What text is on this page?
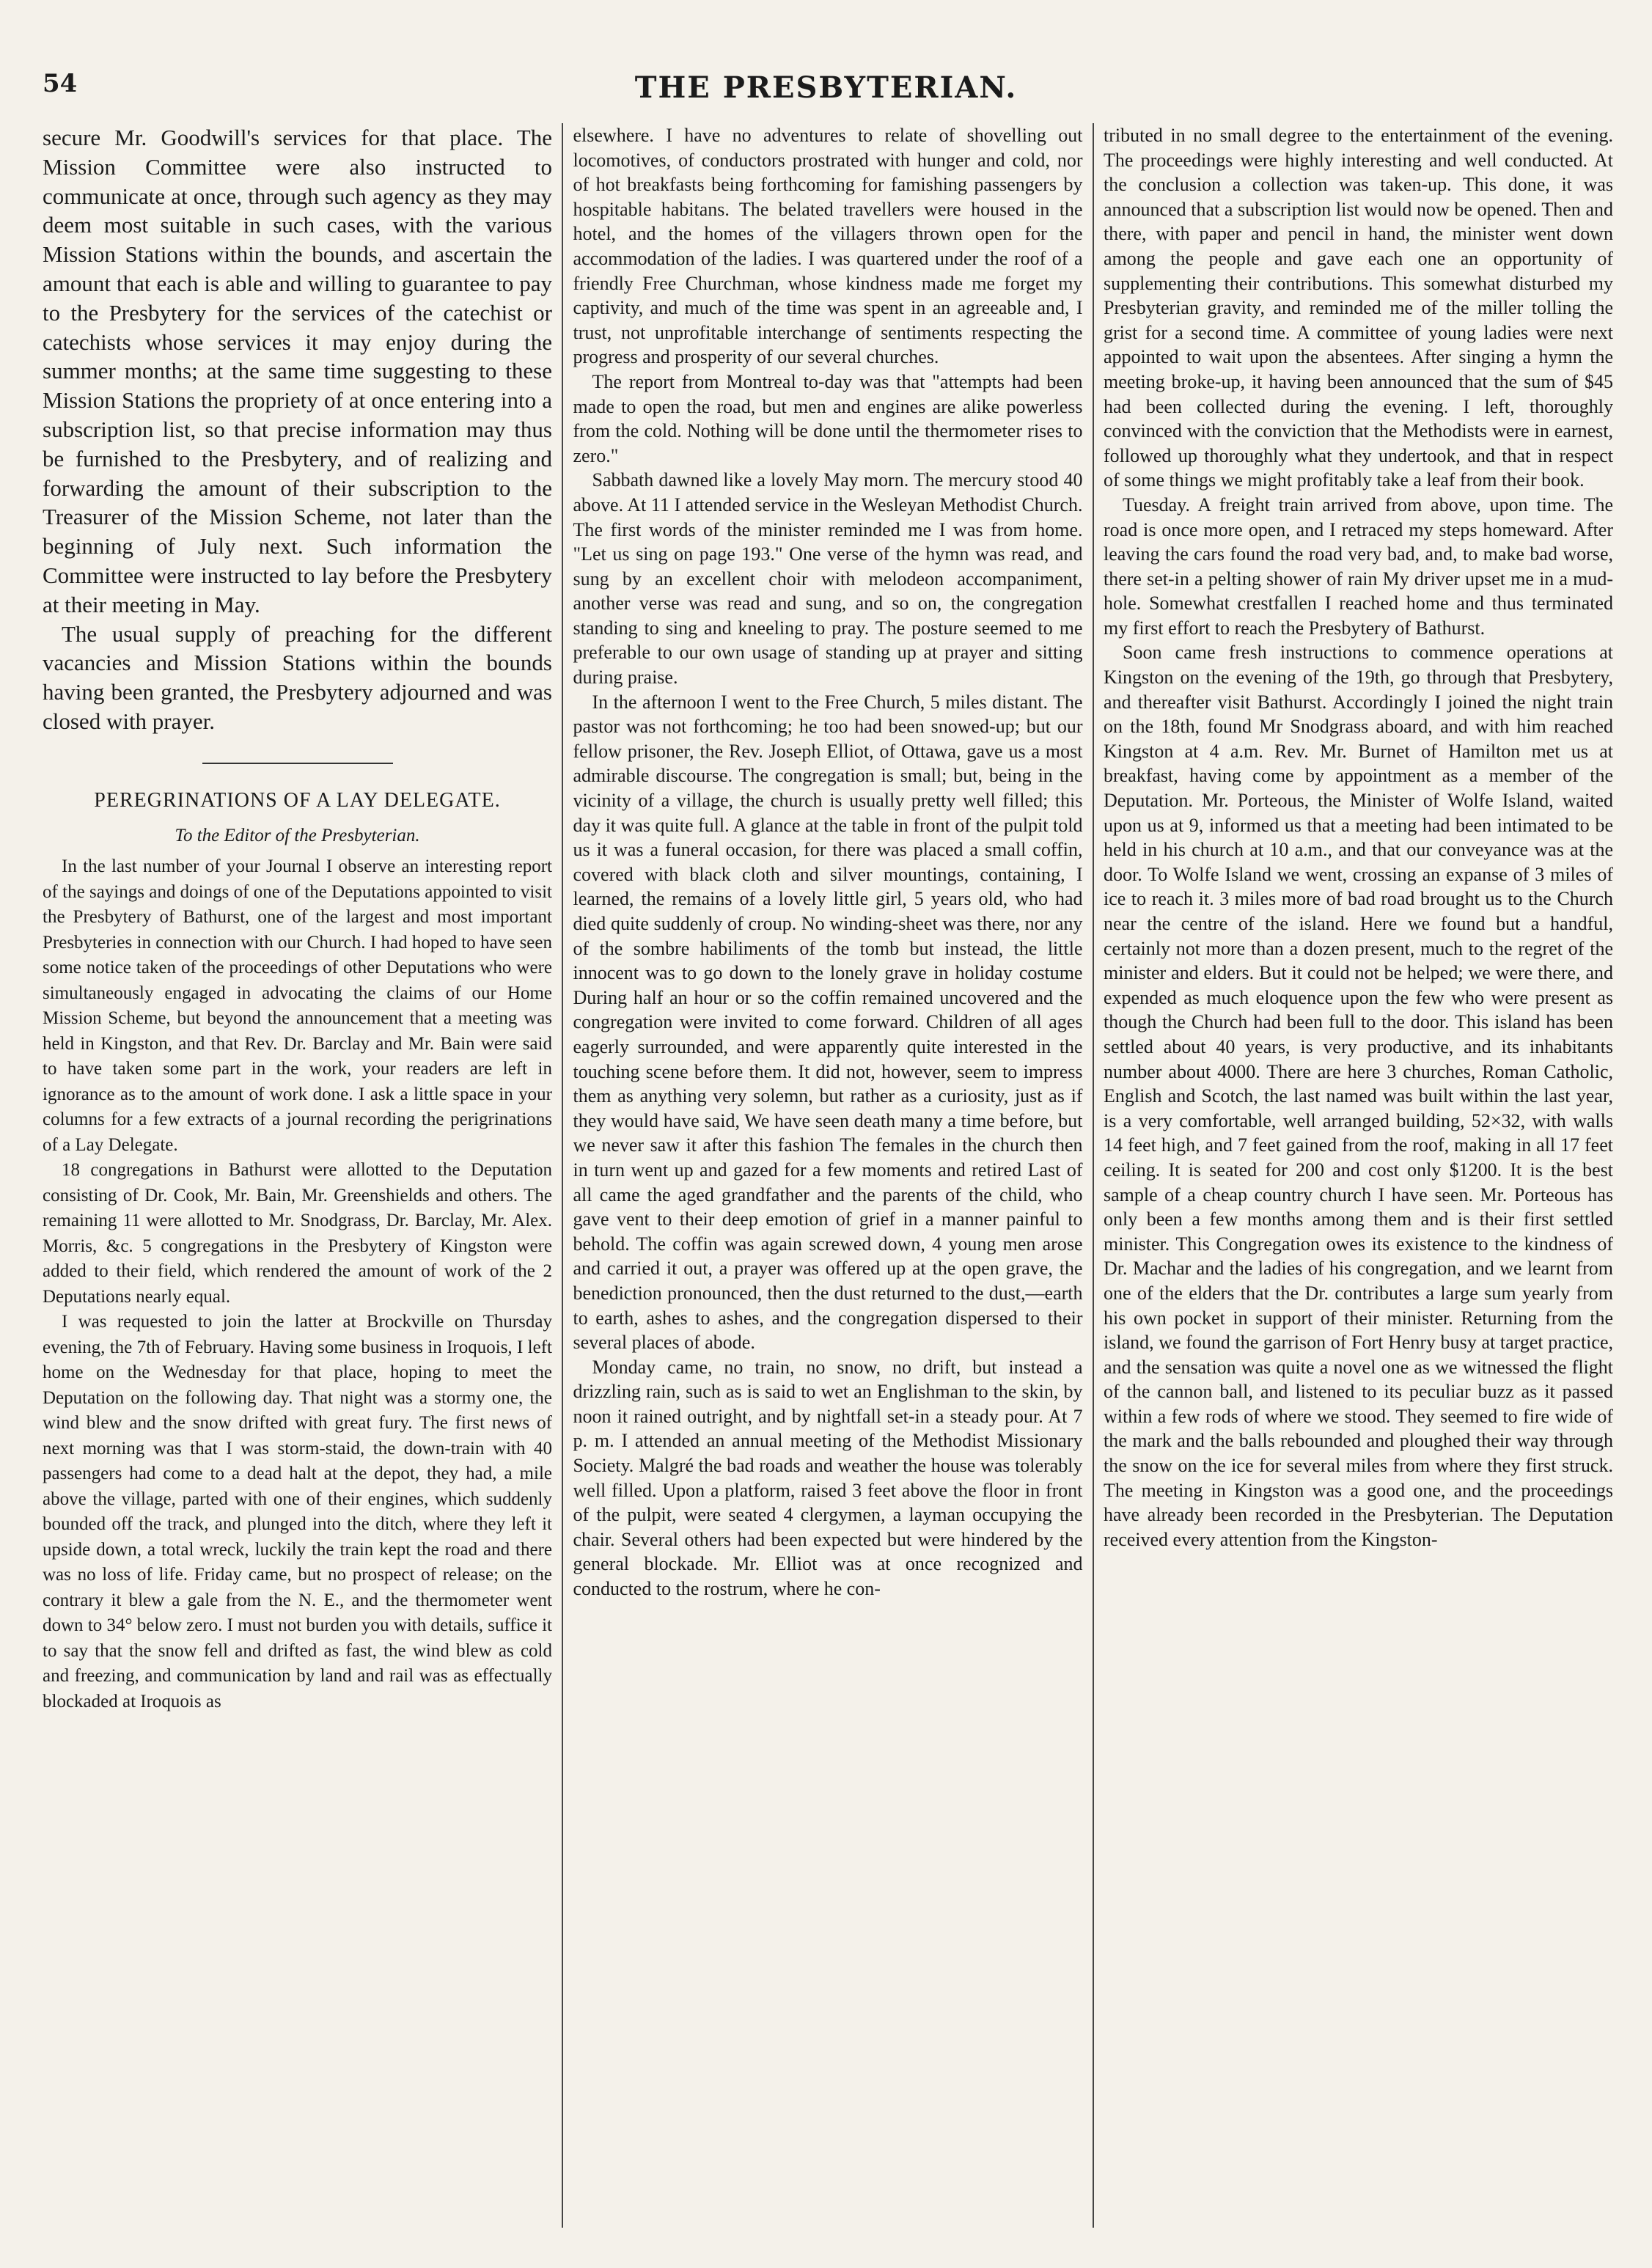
54	THE PRESBYTERIAN.

secure Mr. Goodwill's services for that place. The Mission Committee were also instructed to communicate at once, through such agency as they may deem most suitable in such cases, with the various Mission Stations within the bounds, and ascertain the amount that each is able and willing to guarantee to pay to the Presbytery for the services of the catechist or catechists whose services it may enjoy during the summer months; at the same time suggesting to these Mission Stations the propriety of at once entering into a subscription list, so that precise information may thus be furnished to the Presbytery, and of realizing and forwarding the amount of their subscription to the Treasurer of the Mission Scheme, not later than the beginning of July next. Such information the Committee were instructed to lay before the Presbytery at their meeting in May.

The usual supply of preaching for the different vacancies and Mission Stations within the bounds having been granted, the Presbytery adjourned and was closed with prayer.

PEREGRINATIONS OF A LAY DELEGATE.
To the Editor of the Presbyterian.

In the last number of your Journal I observe an interesting report of the sayings and doings of one of the Deputations appointed to visit the Presbytery of Bathurst, one of the largest and most important Presbyteries in connection with our Church. I had hoped to have seen some notice taken of the proceedings of other Deputations who were simultaneously engaged in advocating the claims of our Home Mission Scheme, but beyond the announcement that a meeting was held in Kingston, and that Rev. Dr. Barclay and Mr. Bain were said to have taken some part in the work, your readers are left in ignorance as to the amount of work done. I ask a little space in your columns for a few extracts of a journal recording the perigrinations of a Lay Delegate.

18 congregations in Bathurst were allotted to the Deputation consisting of Dr. Cook, Mr. Bain, Mr. Greenshields and others. The remaining 11 were allotted to Mr. Snodgrass, Dr. Barclay, Mr. Alex. Morris, &c. 5 congregations in the Presbytery of Kingston were added to their field, which rendered the amount of work of the 2 Deputations nearly equal.

I was requested to join the latter at Brockville on Thursday evening, the 7th of February. Having some business in Iroquois, I left home on the Wednesday for that place, hoping to meet the Deputation on the following day. That night was a stormy one, the wind blew and the snow drifted with great fury. The first news of next morning was that I was storm-staid, the down-train with 40 passengers had come to a dead halt at the depot, they had, a mile above the village, parted with one of their engines, which suddenly bounded off the track, and plunged into the ditch, where they left it upside down, a total wreck, luckily the train kept the road and there was no loss of life. Friday came, but no prospect of release; on the contrary it blew a gale from the N. E., and the thermometer went down to 34° below zero. I must not burden you with details, suffice it to say that the snow fell and drifted as fast, the wind blew as cold and freezing, and communication by land and rail was as effectually blockaded at Iroquois as

elsewhere. I have no adventures to relate of shovelling out locomotives, of conductors prostrated with hunger and cold, nor of hot breakfasts being forthcoming for famishing passengers by hospitable habitans. The belated travellers were housed in the hotel, and the homes of the villagers thrown open for the accommodation of the ladies. I was quartered under the roof of a friendly Free Churchman, whose kindness made me forget my captivity, and much of the time was spent in an agreeable and, I trust, not unprofitable interchange of sentiments respecting the progress and prosperity of our several churches.

The report from Montreal to-day was that "attempts had been made to open the road, but men and engines are alike powerless from the cold. Nothing will be done until the thermometer rises to zero."

Sabbath dawned like a lovely May morn. The mercury stood 40 above. At 11 I attended service in the Wesleyan Methodist Church. The first words of the minister reminded me I was from home. "Let us sing on page 193." One verse of the hymn was read, and sung by an excellent choir with melodeon accompaniment, another verse was read and sung, and so on, the congregation standing to sing and kneeling to pray. The posture seemed to me preferable to our own usage of standing up at prayer and sitting during praise.

In the afternoon I went to the Free Church, 5 miles distant. The pastor was not forthcoming; he too had been snowed-up; but our fellow prisoner, the Rev. Joseph Elliot, of Ottawa, gave us a most admirable discourse. The congregation is small; but, being in the vicinity of a village, the church is usually pretty well filled; this day it was quite full. A glance at the table in front of the pulpit told us it was a funeral occasion, for there was placed a small coffin, covered with black cloth and silver mountings, containing, I learned, the remains of a lovely little girl, 5 years old, who had died quite suddenly of croup. No winding-sheet was there, nor any of the sombre habiliments of the tomb but instead, the little innocent was to go down to the lonely grave in holiday costume During half an hour or so the coffin remained uncovered and the congregation were invited to come forward. Children of all ages eagerly surrounded, and were apparently quite interested in the touching scene before them. It did not, however, seem to impress them as anything very solemn, but rather as a curiosity, just as if they would have said, We have seen death many a time before, but we never saw it after this fashion The females in the church then in turn went up and gazed for a few moments and retired Last of all came the aged grandfather and the parents of the child, who gave vent to their deep emotion of grief in a manner painful to behold. The coffin was again screwed down, 4 young men arose and carried it out, a prayer was offered up at the open grave, the benediction pronounced, then the dust returned to the dust,—earth to earth, ashes to ashes, and the congregation dispersed to their several places of abode.

Monday came, no train, no snow, no drift, but instead a drizzling rain, such as is said to wet an Englishman to the skin, by noon it rained outright, and by nightfall set-in a steady pour. At 7 p. m. I attended an annual meeting of the Methodist Missionary Society. Malgré the bad roads and weather the house was tolerably well filled. Upon a platform, raised 3 feet above the floor in front of the pulpit, were seated 4 clergymen, a layman occupying the chair. Several others had been expected but were hindered by the general blockade. Mr. Elliot was at once recognized and conducted to the rostrum, where he con-

tributed in no small degree to the entertainment of the evening. The proceedings were highly interesting and well conducted. At the conclusion a collection was taken-up. This done, it was announced that a subscription list would now be opened. Then and there, with paper and pencil in hand, the minister went down among the people and gave each one an opportunity of supplementing their contributions. This somewhat disturbed my Presbyterian gravity, and reminded me of the miller tolling the grist for a second time. A committee of young ladies were next appointed to wait upon the absentees. After singing a hymn the meeting broke-up, it having been announced that the sum of $45 had been collected during the evening. I left, thoroughly convinced with the conviction that the Methodists were in earnest, followed up thoroughly what they undertook, and that in respect of some things we might profitably take a leaf from their book.

Tuesday. A freight train arrived from above, upon time. The road is once more open, and I retraced my steps homeward. After leaving the cars found the road very bad, and, to make bad worse, there set-in a pelting shower of rain My driver upset me in a mud-hole. Somewhat crestfallen I reached home and thus terminated my first effort to reach the Presbytery of Bathurst.

Soon came fresh instructions to commence operations at Kingston on the evening of the 19th, go through that Presbytery, and thereafter visit Bathurst. Accordingly I joined the night train on the 18th, found Mr Snodgrass aboard, and with him reached Kingston at 4 a.m. Rev. Mr. Burnet of Hamilton met us at breakfast, having come by appointment as a member of the Deputation. Mr. Porteous, the Minister of Wolfe Island, waited upon us at 9, informed us that a meeting had been intimated to be held in his church at 10 a.m., and that our conveyance was at the door. To Wolfe Island we went, crossing an expanse of 3 miles of ice to reach it. 3 miles more of bad road brought us to the Church near the centre of the island. Here we found but a handful, certainly not more than a dozen present, much to the regret of the minister and elders. But it could not be helped; we were there, and expended as much eloquence upon the few who were present as though the Church had been full to the door. This island has been settled about 40 years, is very productive, and its inhabitants number about 4000. There are here 3 churches, Roman Catholic, English and Scotch, the last named was built within the last year, is a very comfortable, well arranged building, 52×32, with walls 14 feet high, and 7 feet gained from the roof, making in all 17 feet ceiling. It is seated for 200 and cost only $1200. It is the best sample of a cheap country church I have seen. Mr. Porteous has only been a few months among them and is their first settled minister. This Congregation owes its existence to the kindness of Dr. Machar and the ladies of his congregation, and we learnt from one of the elders that the Dr. contributes a large sum yearly from his own pocket in support of their minister. Returning from the island, we found the garrison of Fort Henry busy at target practice, and the sensation was quite a novel one as we witnessed the flight of the cannon ball, and listened to its peculiar buzz as it passed within a few rods of where we stood. They seemed to fire wide of the mark and the balls rebounded and ploughed their way through the snow on the ice for several miles from where they first struck. The meeting in Kingston was a good one, and the proceedings have already been recorded in the Presbyterian. The Deputation received every attention from the Kingston-
